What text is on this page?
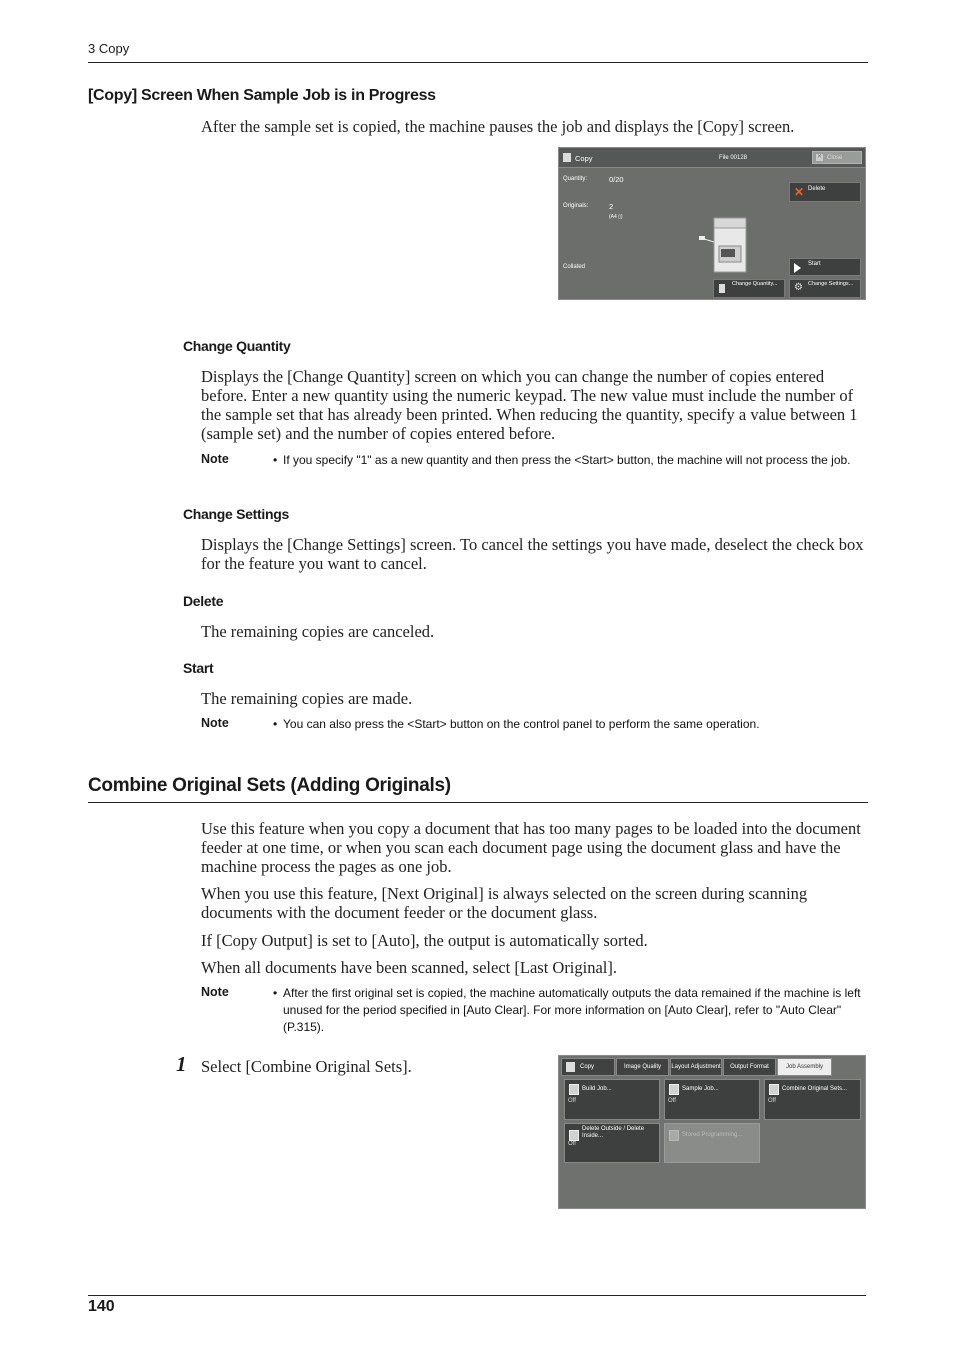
3 Copy
[Copy] Screen When Sample Job is in Progress
After the sample set is copied, the machine pauses the job and displays the [Copy] screen.
Copy	File 00128	✕ Close
Quantity:	0/20
Originals:	2
(A4 ▯)
Collated
✕ Delete
Start
Change Quantity...	⚙ Change Settings...
Change Quantity
Displays the [Change Quantity] screen on which you can change the number of copies entered before. Enter a new quantity using the numeric keypad. The new value must include the number of the sample set that has already been printed. When reducing the quantity, specify a value between 1 (sample set) and the number of copies entered before.
Note	• If you specify "1" as a new quantity and then press the <Start> button, the machine will not process the job.
Change Settings
Displays the [Change Settings] screen. To cancel the settings you have made, deselect the check box for the feature you want to cancel.
Delete
The remaining copies are canceled.
Start
The remaining copies are made.
Note	• You can also press the <Start> button on the control panel to perform the same operation.
Combine Original Sets (Adding Originals)
Use this feature when you copy a document that has too many pages to be loaded into the document feeder at one time, or when you scan each document page using the document glass and have the machine process the pages as one job.
When you use this feature, [Next Original] is always selected on the screen during scanning documents with the document feeder or the document glass.
If [Copy Output] is set to [Auto], the output is automatically sorted.
When all documents have been scanned, select [Last Original].
Note	• After the first original set is copied, the machine automatically outputs the data remained if the machine is left unused for the period specified in [Auto Clear]. For more information on [Auto Clear], refer to "Auto Clear" (P.315).
1 Select [Combine Original Sets].	Copy	Image Quality	Layout Adjustment	Output Format	Job Assembly
Build Job...
Off
Sample Job...
Off
Combine Original Sets...
Off
Delete Outside / Delete Inside...
Off
Stored Programming...
140
